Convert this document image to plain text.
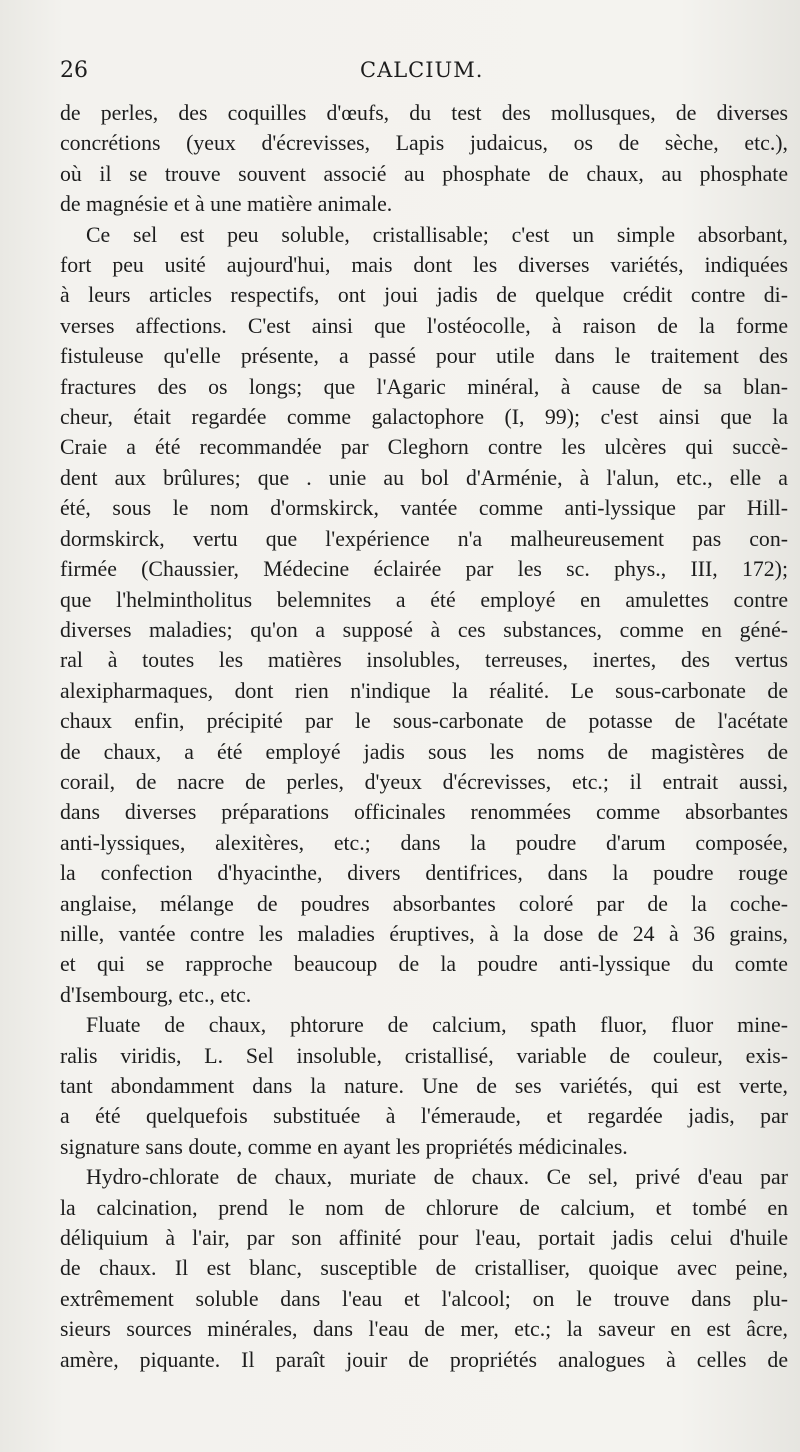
26	CALCIUM.
de perles, des coquilles d'œufs, du test des mollusques, de diverses
concrétions (yeux d'écrevisses, Lapis judaicus, os de sèche, etc.),
où il se trouve souvent associé au phosphate de chaux, au phosphate
de magnésie et à une matière animale.
Ce sel est peu soluble, cristallisable; c'est un simple absorbant,
fort peu usité aujourd'hui, mais dont les diverses variétés, indiquées
à leurs articles respectifs, ont joui jadis de quelque crédit contre di-
verses affections. C'est ainsi que l'ostéocolle, à raison de la forme
fistuleuse qu'elle présente, a passé pour utile dans le traitement des
fractures des os longs; que l'Agaric minéral, à cause de sa blan-
cheur, était regardée comme galactophore (I, 99); c'est ainsi que la
Craie a été recommandée par Cleghorn contre les ulcères qui succè-
dent aux brûlures; que . unie au bol d'Arménie, à l'alun, etc., elle a
été, sous le nom d'ormskirck, vantée comme anti-lyssique par Hill-
dormskirck, vertu que l'expérience n'a malheureusement pas con-
firmée (Chaussier, Médecine éclairée par les sc. phys., III, 172);
que l'helmintholitus belemnites a été employé en amulettes contre
diverses maladies; qu'on a supposé à ces substances, comme en géné-
ral à toutes les matières insolubles, terreuses, inertes, des vertus
alexipharmaques, dont rien n'indique la réalité. Le sous-carbonate de
chaux enfin, précipité par le sous-carbonate de potasse de l'acétate
de chaux, a été employé jadis sous les noms de magistères de
corail, de nacre de perles, d'yeux d'écrevisses, etc.; il entrait aussi,
dans diverses préparations officinales renommées comme absorbantes
anti-lyssiques, alexitères, etc.; dans la poudre d'arum composée,
la confection d'hyacinthe, divers dentifrices, dans la poudre rouge
anglaise, mélange de poudres absorbantes coloré par de la coche-
nille, vantée contre les maladies éruptives, à la dose de 24 à 36 grains,
et qui se rapproche beaucoup de la poudre anti-lyssique du comte
d'Isembourg, etc., etc.
Fluate de chaux, phtorure de calcium, spath fluor, fluor mine-
ralis viridis, L. Sel insoluble, cristallisé, variable de couleur, exis-
tant abondamment dans la nature. Une de ses variétés, qui est verte,
a été quelquefois substituée à l'émeraude, et regardée jadis, par
signature sans doute, comme en ayant les propriétés médicinales.
Hydro-chlorate de chaux, muriate de chaux. Ce sel, privé d'eau par
la calcination, prend le nom de chlorure de calcium, et tombé en
déliquium à l'air, par son affinité pour l'eau, portait jadis celui d'huile
de chaux. Il est blanc, susceptible de cristalliser, quoique avec peine,
extrêmement soluble dans l'eau et l'alcool; on le trouve dans plu-
sieurs sources minérales, dans l'eau de mer, etc.; la saveur en est âcre,
amère, piquante. Il paraît jouir de propriétés analogues à celles de
